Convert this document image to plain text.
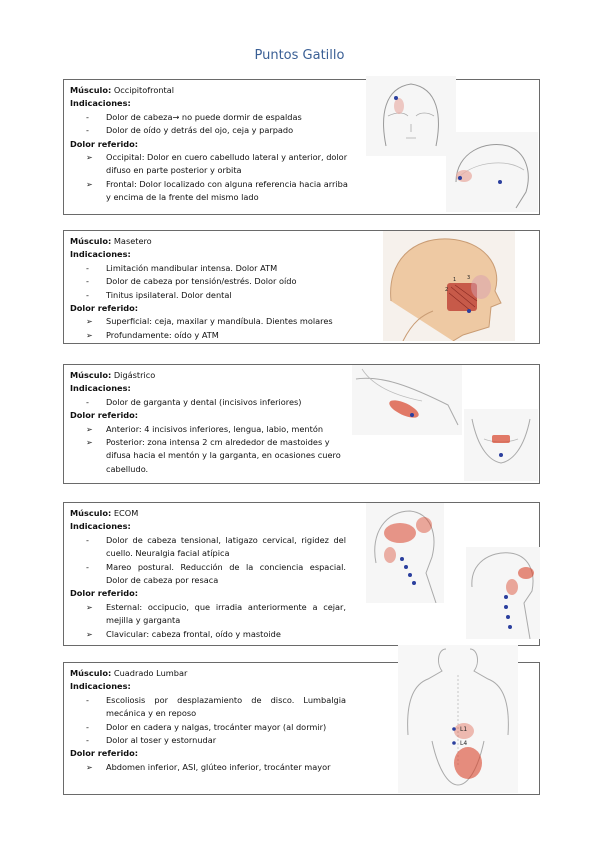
Puntos Gatillo
Músculo: Occipitofrontal
Indicaciones:
- Dolor de cabeza→ no puede dormir de espaldas
- Dolor de oído y detrás del ojo, ceja y parpado
Dolor referido:
➢ Occipital: Dolor en cuero cabelludo lateral y anterior, dolor difuso en parte posterior y orbita
➢ Frontal: Dolor localizado con alguna referencia hacia arriba y encima de la frente del mismo lado
Músculo: Masetero
Indicaciones:
- Limitación mandibular intensa. Dolor ATM
- Dolor de cabeza por tensión/estrés. Dolor oído
- Tinitus ipsilateral. Dolor dental
Dolor referido:
➢ Superficial: ceja, maxilar y mandíbula. Dientes molares
➢ Profundamente: oído y ATM
1
2
3
Músculo: Digástrico
Indicaciones:
- Dolor de garganta y dental (incisivos inferiores)
Dolor referido:
➢ Anterior: 4 incisivos inferiores, lengua, labio, mentón
➢ Posterior: zona intensa 2 cm alrededor de mastoides y difusa hacia el mentón y la garganta, en ocasiones cuero cabelludo.
Músculo: ECOM
Indicaciones:
- Dolor de cabeza tensional, latigazo cervical, rigidez del cuello. Neuralgia facial atípica
- Mareo postural. Reducción de la conciencia espacial. Dolor de cabeza por resaca
Dolor referido:
➢ Esternal: occipucio, que irradia anteriormente a cejar, mejilla y garganta
➢ Clavicular: cabeza frontal, oído y mastoide
Músculo: Cuadrado Lumbar
Indicaciones:
- Escoliosis por desplazamiento de disco. Lumbalgia mecánica y en reposo
- Dolor en cadera y nalgas, trocánter mayor (al dormir)
- Dolor al toser y estornudar
Dolor referido:
➢ Abdomen inferior, ASI, glúteo inferior, trocánter mayor
L1
L4
